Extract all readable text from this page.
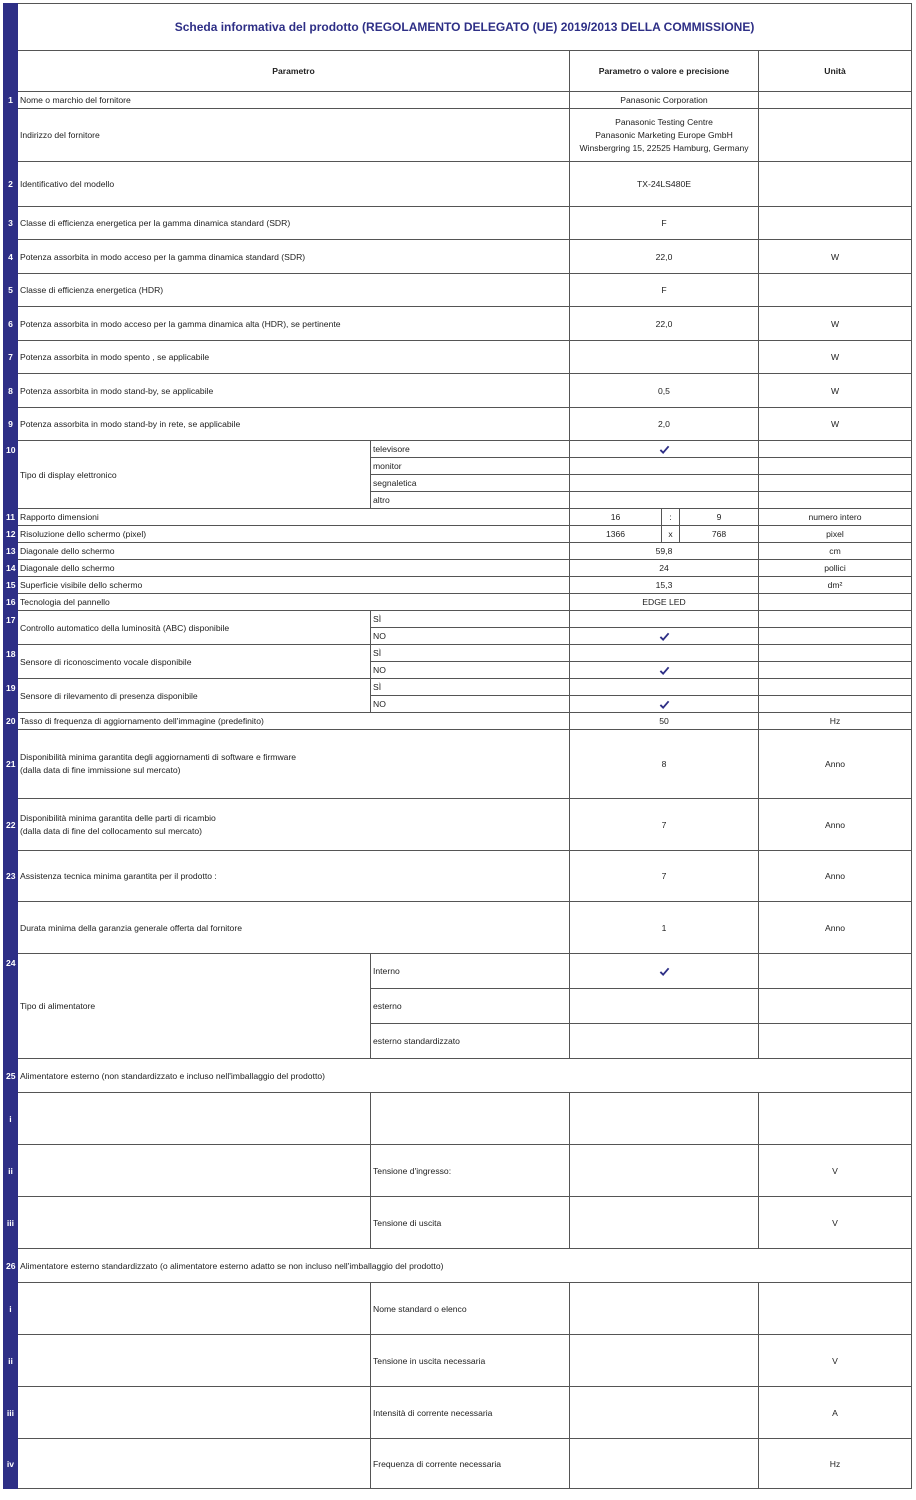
	Scheda informativa del prodotto (REGOLAMENTO DELEGATO (UE) 2019/2013 DELLA COMMISSIONE)					
	Parametro		Parametro o valore e precisione			Unità
1	Nome o marchio del fornitore		Panasonic Corporation			
	Indirizzo del fornitore		Panasonic Testing Centre
Panasonic Marketing Europe GmbH
Winsbergring 15, 22525 Hamburg, Germany			

2	Identificativo del modello		TX-24LS480E			
3	Classe di efficienza energetica per la gamma dinamica standard (SDR)		F			
4	Potenza assorbita in modo acceso per la gamma dinamica standard (SDR)		22,0			W
5	Classe di efficienza energetica (HDR)		F			
6	Potenza assorbita in modo acceso per la gamma dinamica alta (HDR), se pertinente		22,0			W
7	Potenza assorbita in modo spento , se applicabile					W
8	Potenza assorbita in modo stand-by, se applicabile		0,5			W
9	Potenza assorbita in modo stand-by in rete, se applicabile		2,0			W
10	Tipo di display elettronico	televisore		
		monitor				
		segnaletica				
		altro				
11	Rapporto dimensioni		16	:	9	numero intero
12	Risoluzione dello schermo (pixel)		1366	x	768	pixel
13	Diagonale dello schermo		59,8			cm
14	Diagonale dello schermo		24			pollici
15	Superficie visibile dello schermo		15,3			dm²
16	Tecnologia del pannello		EDGE LED			
17	Controllo automatico della luminosità (ABC) disponibile	SÌ				
		NO		
18	Sensore di riconoscimento vocale disponibile	SÌ				
		NO		
19	Sensore di rilevamento di presenza disponibile	SÌ				
		NO		
20	Tasso di frequenza di aggiornamento dell'immagine (predefinito)		50			Hz
21	Disponibilità minima garantita degli aggiornamenti di software e firmware
(dalla data di fine immissione sul mercato)		8			Anno
22	Disponibilità minima garantita delle parti di ricambio
(dalla data di fine del collocamento sul mercato)		7			Anno
23	Assistenza tecnica minima garantita per il prodotto :		7			Anno
	Durata minima della garanzia generale offerta dal fornitore		1			Anno
24	Tipo di alimentatore	Interno		
		esterno				
		esterno standardizzato				
25	Alimentatore esterno (non standardizzato e incluso nell'imballaggio del prodotto)					
i						
ii		Tensione d'ingresso:				V
iii		Tensione di uscita				V
26	Alimentatore esterno standardizzato (o alimentatore esterno adatto se non incluso nell'imballaggio del prodotto)					
i		Nome standard o elenco				
ii		Tensione in uscita necessaria				V
iii		Intensità di corrente necessaria				A
iv		Frequenza di corrente necessaria				Hz
